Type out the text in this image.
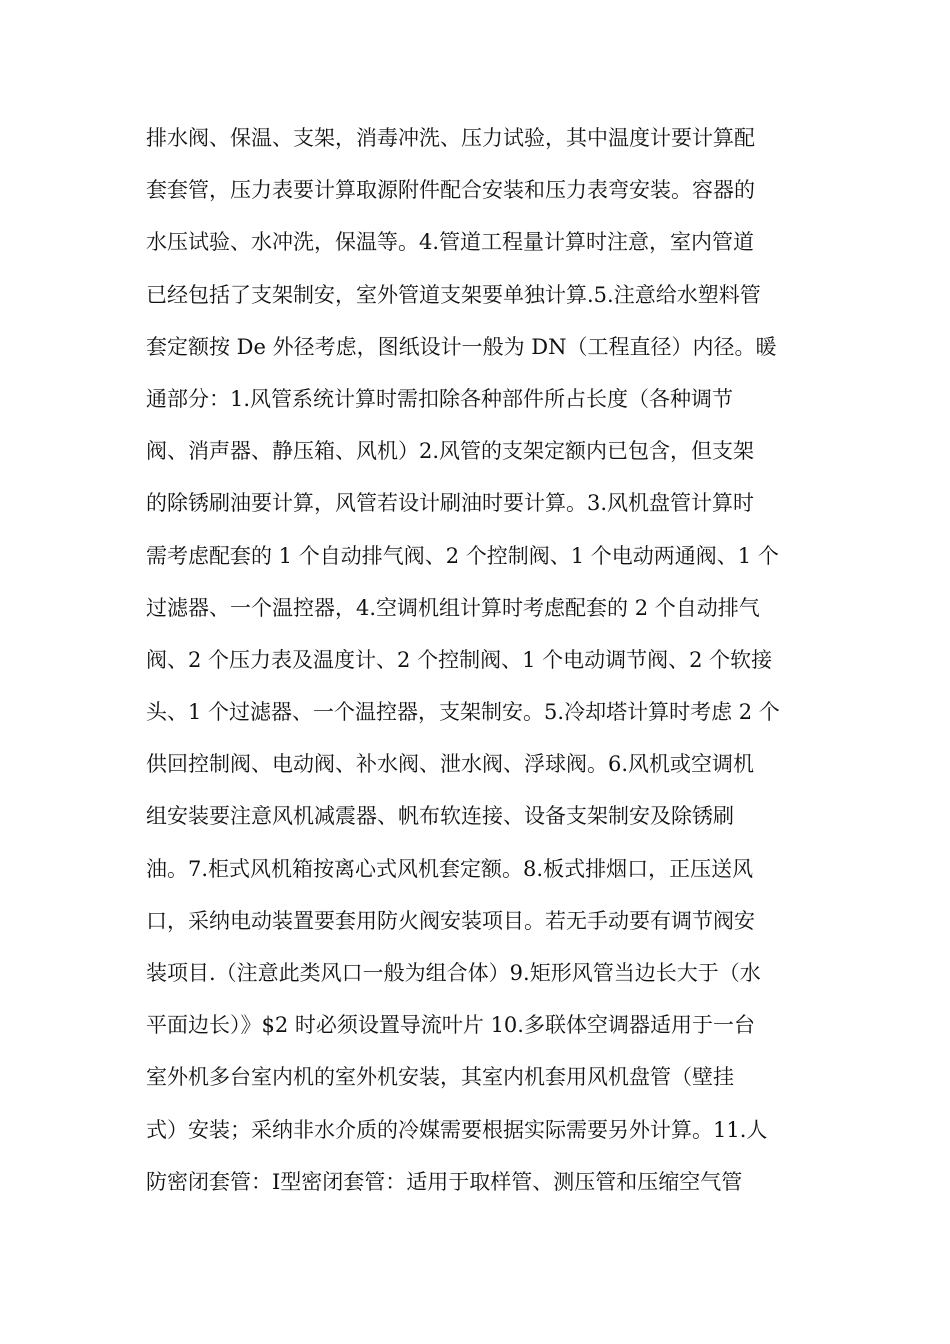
排水阀、保温、支架，消毒冲洗、压力试验，其中温度计要计算配
套套管，压力表要计算取源附件配合安装和压力表弯安装。容器的
水压试验、水冲洗，保温等。4.管道工程量计算时注意，室内管道
已经包括了支架制安，室外管道支架要单独计算.5.注意给水塑料管
套定额按 De 外径考虑，图纸设计一般为 DN（工程直径）内径。暖
通部分：1.风管系统计算时需扣除各种部件所占长度（各种调节
阀、消声器、静压箱、风机）2.风管的支架定额内已包含，但支架
的除锈刷油要计算，风管若设计刷油时要计算。3.风机盘管计算时
需考虑配套的 1 个自动排气阀、2 个控制阀、1 个电动两通阀、1 个
过滤器、一个温控器，4.空调机组计算时考虑配套的 2 个自动排气
阀、2 个压力表及温度计、2 个控制阀、1 个电动调节阀、2 个软接
头、1 个过滤器、一个温控器，支架制安。5.冷却塔计算时考虑 2 个
供回控制阀、电动阀、补水阀、泄水阀、浮球阀。6.风机或空调机
组安装要注意风机减震器、帆布软连接、设备支架制安及除锈刷
油。7.柜式风机箱按离心式风机套定额。8.板式排烟口，正压送风
口，采纳电动装置要套用防火阀安装项目。若无手动要有调节阀安
装项目.（注意此类风口一般为组合体）9.矩形风管当边长大于（水
平面边长）》$2 时必须设置导流叶片 10.多联体空调器适用于一台
室外机多台室内机的室外机安装，其室内机套用风机盘管（壁挂
式）安装；采纳非水介质的冷媒需要根据实际需要另外计算。11.人
防密闭套管：Ⅰ型密闭套管：适用于取样管、测压管和压缩空气管
